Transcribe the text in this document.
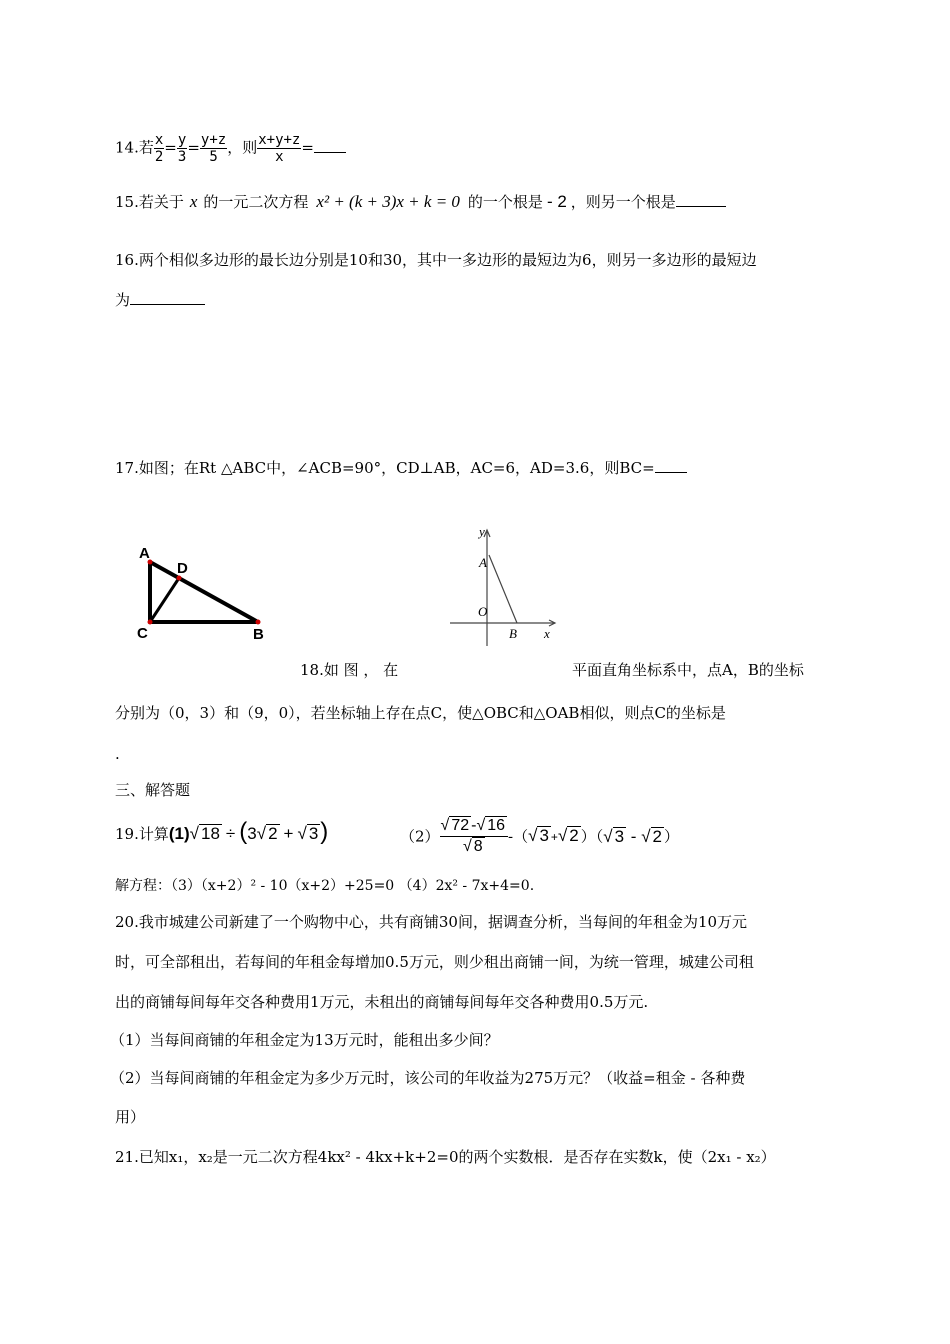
14.若 $\frac{x}{2} = \frac{y}{3} = \frac{y+z}{5}$ ，则 $\frac{x+y+z}{x}$ =
15.若关于 x 的一元二次方程 x² + (k + 3)x + k = 0 的一个根是 - 2 ，则另一个根是
16.两个相似多边形的最长边分别是10和30，其中一多边形的最短边为6，则另一多边形的最短边
为
17.如图；在Rt △ABC中，∠ACB=90°，CD⊥AB，AC=6，AD=3.6，则BC=
A
D
C	B
y
x
A
O
B
18.如 图 ， 在	平面直角坐标系中，点A，B的坐标
分别为（0，3）和（9，0），若坐标轴上存在点C，使△OBC和△OAB相似，则点C的坐标是
.
三、解答题
19.计算(1)√ 18 ÷ (3√ 2 + √ 3)	$(2) \frac{√ 72 -√ 16}{√ 8}$ -（√ 3 +√ 2 ）（√ 3 - √ 2 ）
解方程：（3）（x+2）² - 10（x+2）+25=0 （4）2x² - 7x+4=0.
20.我市城建公司新建了一个购物中心，共有商铺30间，据调查分析，当每间的年租金为10万元
时，可全部租出，若每间的年租金每增加0.5万元，则少租出商铺一间，为统一管理，城建公司租
出的商铺每间每年交各种费用1万元，未租出的商铺每间每年交各种费用0.5万元.
（1）当每间商铺的年租金定为13万元时，能租出多少间？
（2）当每间商铺的年租金定为多少万元时，该公司的年收益为275万元？（收益=租金 - 各种费
用）
21.已知x₁，x₂是一元二次方程4kx² - 4kx+k+2=0的两个实数根．是否存在实数k，使（2x₁ - x₂）
